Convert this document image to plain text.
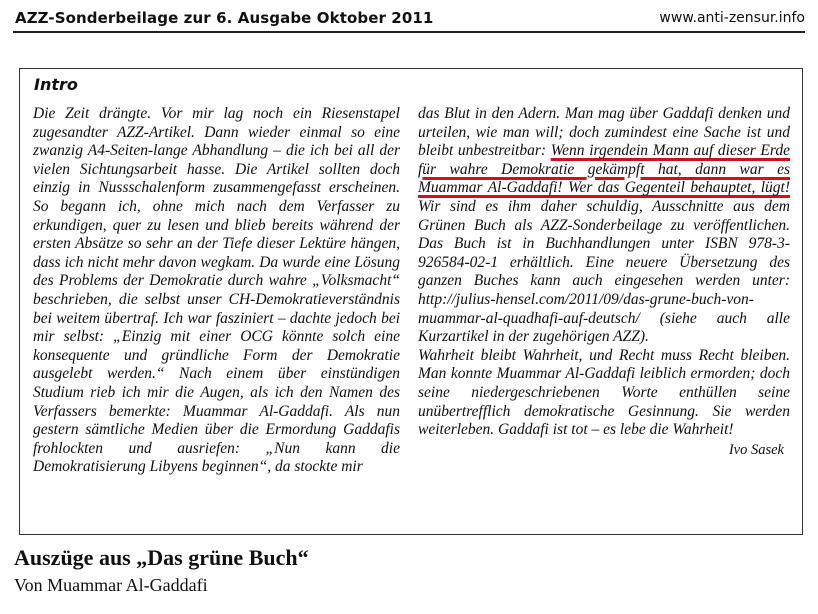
AZZ-Sonderbeilage zur 6. Ausgabe Oktober 2011	www.anti-zensur.info
Intro

Die Zeit drängte. Vor mir lag noch ein Riesenstapel zugesandter AZZ-Artikel. Dann wieder einmal so eine zwanzig A4-Seiten-lange Abhandlung – die ich bei all der vielen Sichtungsarbeit hasse. Die Artikel sollten doch einzig in Nussschalenform zusammengefasst erscheinen. So begann ich, ohne mich nach dem Verfasser zu erkundigen, quer zu lesen und blieb bereits während der ersten Absätze so sehr an der Tiefe dieser Lektüre hängen, dass ich nicht mehr davon wegkam. Da wurde eine Lösung des Problems der Demokratie durch wahre „Volksmacht“ beschrieben, die selbst unser CH-Demokratieverständnis bei weitem übertraf. Ich war fasziniert – dachte jedoch bei mir selbst: „Einzig mit einer OCG könnte solch eine konsequente und gründliche Form der Demokratie ausgelebt werden.“ Nach einem über einstündigen Studium rieb ich mir die Augen, als ich den Namen des Verfassers bemerkte: Muammar Al-Gaddafi. Als nun gestern sämtliche Medien über die Ermordung Gaddafis frohlockten und ausriefen: „Nun kann die Demokratisierung Libyens beginnen“, da stockte mir

das Blut in den Adern. Man mag über Gaddafi denken und urteilen, wie man will; doch zumindest eine Sache ist und bleibt unbestreitbar: Wenn irgendein Mann auf dieser Erde für wahre Demokratie gekämpft hat, dann war es Muammar Al-Gaddafi! Wer das Gegenteil behauptet, lügt! Wir sind es ihm daher schuldig, Ausschnitte aus dem Grünen Buch als AZZ-Sonderbeilage zu veröffentlichen. Das Buch ist in Buchhandlungen unter ISBN 978-3-926584-02-1 erhältlich. Eine neuere Übersetzung des ganzen Buches kann auch eingesehen werden unter: http://julius-hensel.com/2011/09/das-grune-buch-von-muammar-al-quadhafi-auf-deutsch/ (siehe auch alle Kurzartikel in der zugehörigen AZZ).

Wahrheit bleibt Wahrheit, und Recht muss Recht bleiben. Man konnte Muammar Al-Gaddafi leiblich ermorden; doch seine niedergeschriebenen Worte enthüllen seine unübertrefflich demokratische Gesinnung. Sie werden weiterleben. Gaddafi ist tot – es lebe die Wahrheit!

Ivo Sasek

Auszüge aus „Das grüne Buch“
Von Muammar Al-Gaddafi
